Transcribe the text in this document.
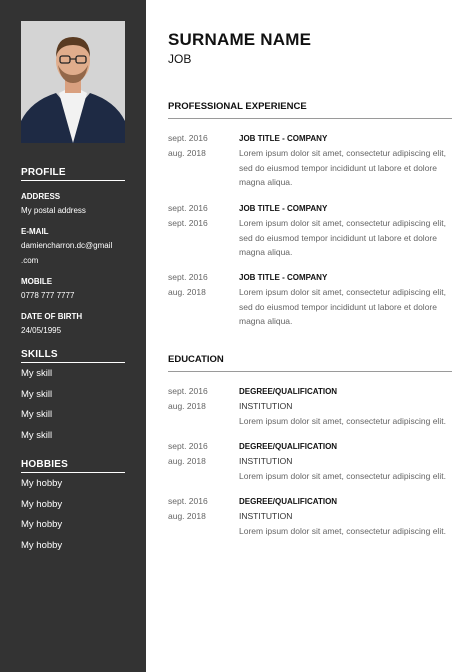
PROFILE
ADDRESS
My postal address
E-MAIL
damiencharron.dc@gmail
.com
MOBILE
0778 777 7777
DATE OF BIRTH
24/05/1995
SKILLS
My skill
My skill
My skill
My skill
HOBBIES
My hobby
My hobby
My hobby
My hobby
SURNAME NAME
JOB
PROFESSIONAL EXPERIENCE
sept. 2016
aug. 2018
JOB TITLE - COMPANY
Lorem ipsum dolor sit amet, consectetur adipiscing elit,
sed do eiusmod tempor incididunt ut labore et dolore
magna aliqua.
sept. 2016
sept. 2016
JOB TITLE - COMPANY
Lorem ipsum dolor sit amet, consectetur adipiscing elit,
sed do eiusmod tempor incididunt ut labore et dolore
magna aliqua.
sept. 2016
aug. 2018
JOB TITLE - COMPANY
Lorem ipsum dolor sit amet, consectetur adipiscing elit,
sed do eiusmod tempor incididunt ut labore et dolore
magna aliqua.
EDUCATION
sept. 2016
aug. 2018
DEGREE/QUALIFICATION
INSTITUTION
Lorem ipsum dolor sit amet, consectetur adipiscing elit.
sept. 2016
aug. 2018
DEGREE/QUALIFICATION
INSTITUTION
Lorem ipsum dolor sit amet, consectetur adipiscing elit.
sept. 2016
aug. 2018
DEGREE/QUALIFICATION
INSTITUTION
Lorem ipsum dolor sit amet, consectetur adipiscing elit.
